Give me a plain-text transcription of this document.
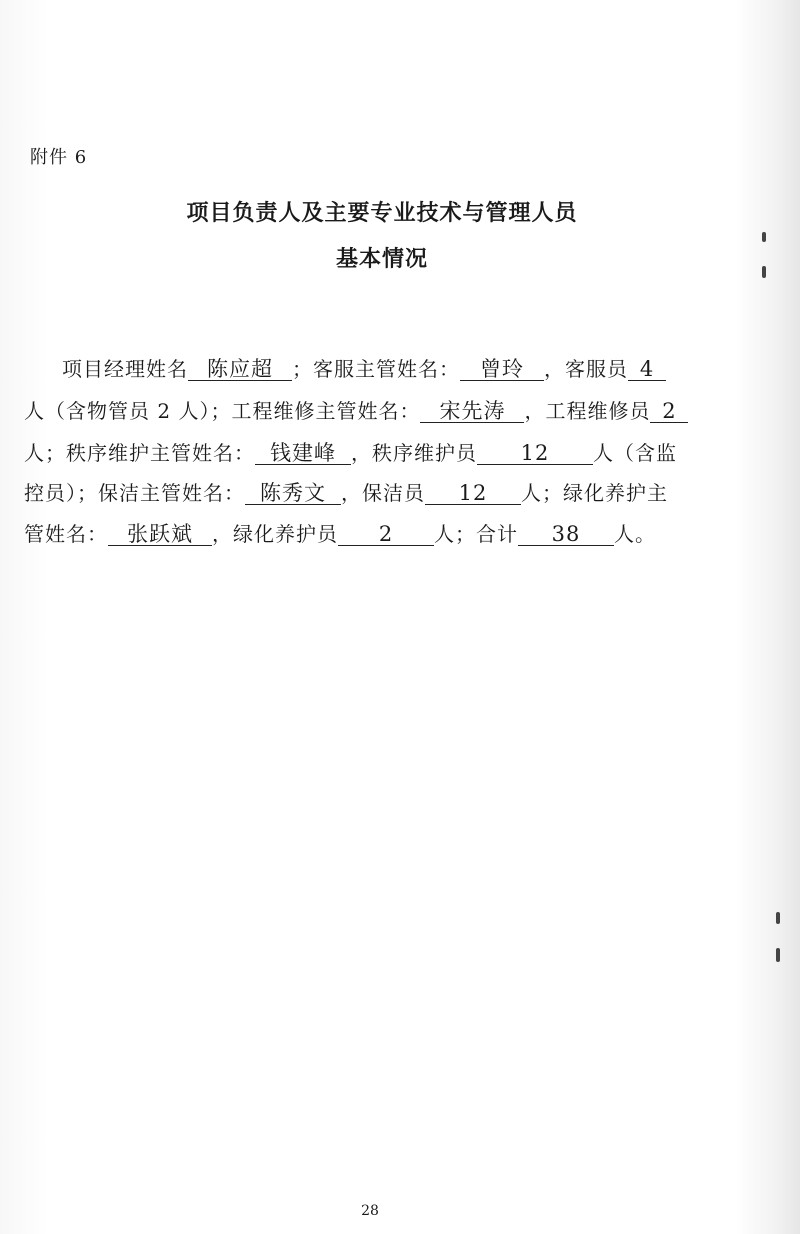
附件 6
项目负责人及主要专业技术与管理人员
基本情况
项目经理姓名 陈应超 ；客服主管姓名： 曾玲 ，客服员 4
人（含物管员 2 人）；工程维修主管姓名： 宋先涛 ，工程维修员 2
人；秩序维护主管姓名： 钱建峰 ，秩序维护员 12 人（含监
控员）；保洁主管姓名： 陈秀文 ，保洁员 12 人；绿化养护主
管姓名： 张跃斌 ，绿化养护员 2 人；合计 38 人。
28
